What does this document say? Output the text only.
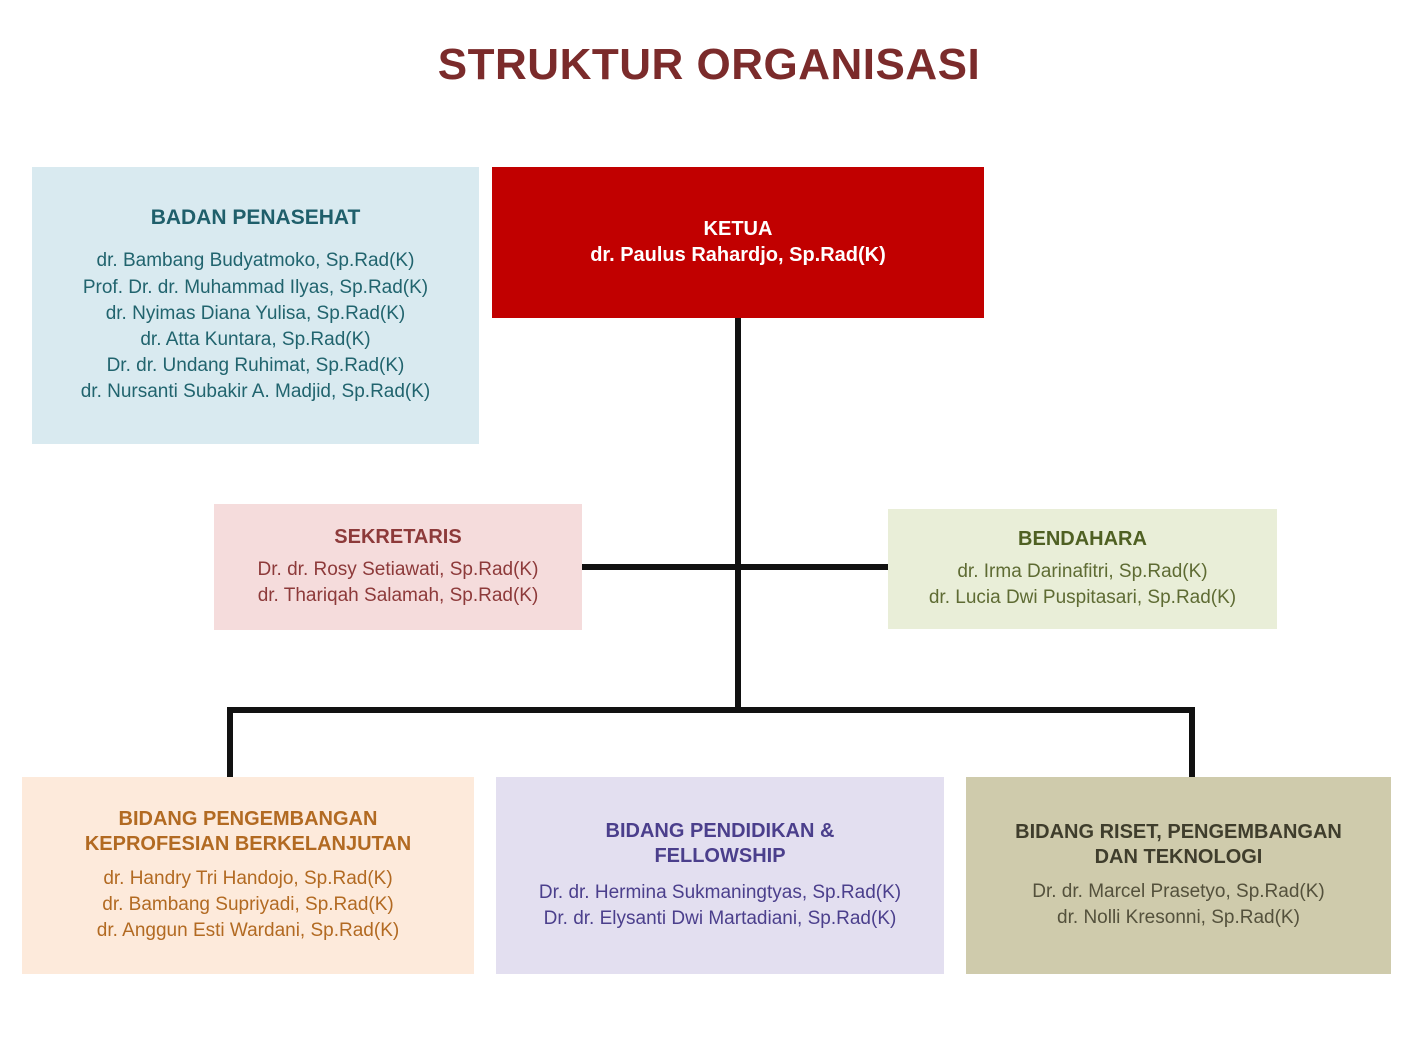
STRUKTUR ORGANISASI
BADAN PENASEHAT
dr. Bambang Budyatmoko, Sp.Rad(K)
Prof. Dr. dr. Muhammad Ilyas, Sp.Rad(K)
dr. Nyimas Diana Yulisa, Sp.Rad(K)
dr. Atta Kuntara, Sp.Rad(K)
Dr. dr. Undang Ruhimat, Sp.Rad(K)
dr. Nursanti Subakir A. Madjid, Sp.Rad(K)
KETUA
dr. Paulus Rahardjo, Sp.Rad(K)
SEKRETARIS
Dr. dr. Rosy Setiawati, Sp.Rad(K)
dr. Thariqah Salamah, Sp.Rad(K)
BENDAHARA
dr. Irma Darinafitri, Sp.Rad(K)
dr. Lucia Dwi Puspitasari, Sp.Rad(K)
BIDANG PENGEMBANGAN
KEPROFESIAN BERKELANJUTAN
dr. Handry Tri Handojo, Sp.Rad(K)
dr. Bambang Supriyadi, Sp.Rad(K)
dr. Anggun Esti Wardani, Sp.Rad(K)
BIDANG PENDIDIKAN &
FELLOWSHIP
Dr. dr. Hermina Sukmaningtyas, Sp.Rad(K)
Dr. dr. Elysanti Dwi Martadiani, Sp.Rad(K)
BIDANG RISET, PENGEMBANGAN
DAN TEKNOLOGI
Dr. dr. Marcel Prasetyo, Sp.Rad(K)
dr. Nolli Kresonni, Sp.Rad(K)
